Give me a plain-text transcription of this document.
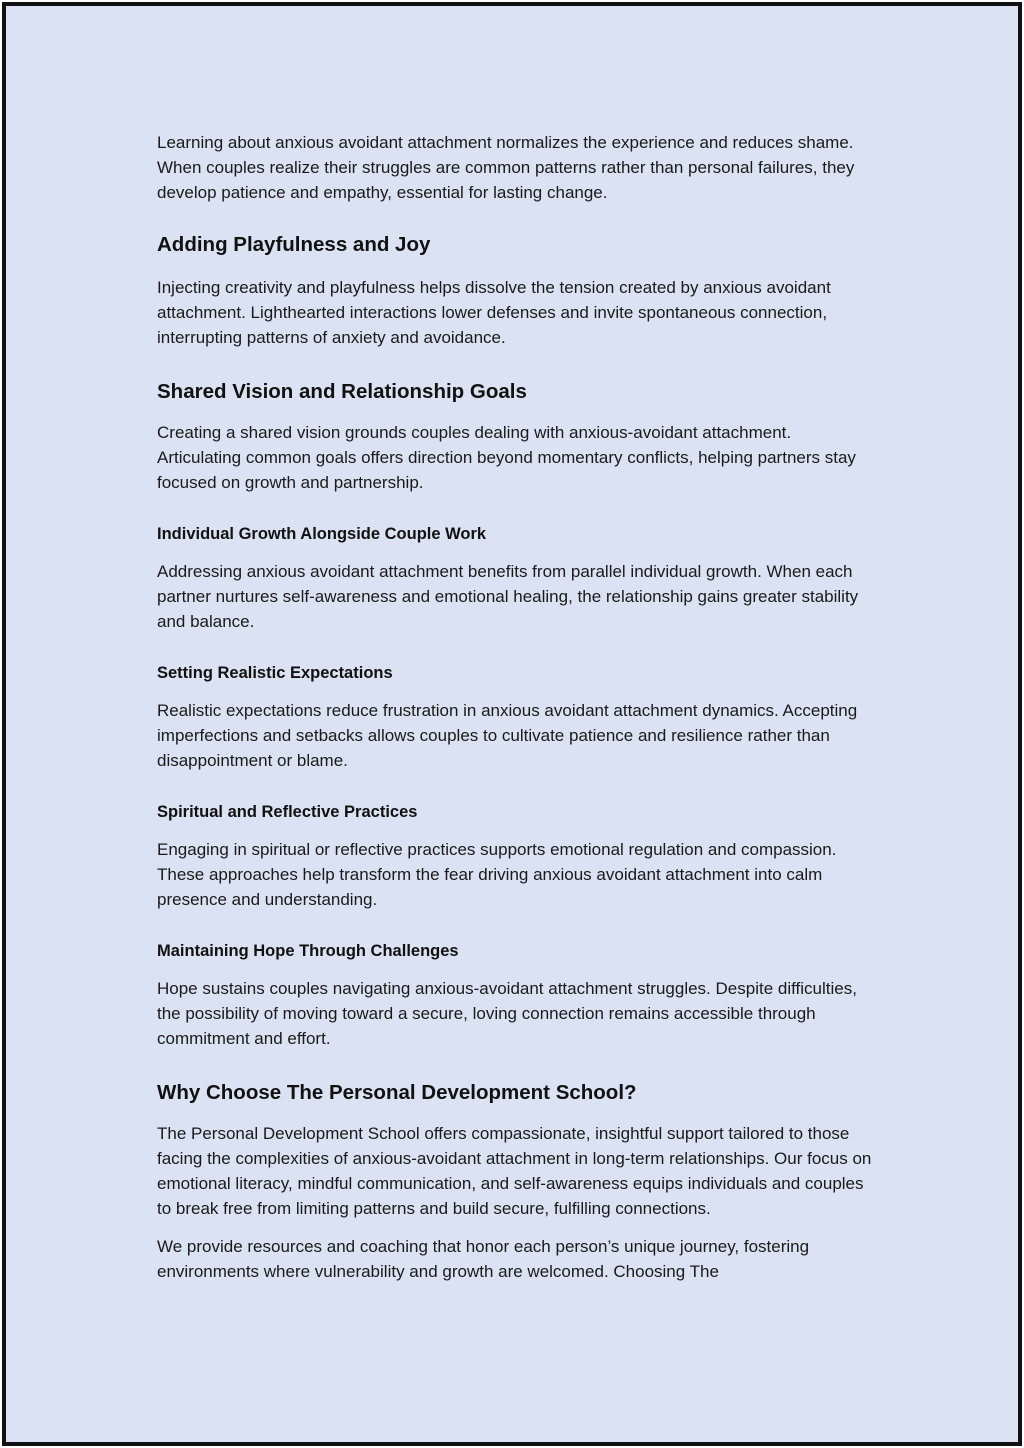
Learning about anxious avoidant attachment normalizes the experience and reduces shame. When couples realize their struggles are common patterns rather than personal failures, they develop patience and empathy, essential for lasting change.

Adding Playfulness and Joy

Injecting creativity and playfulness helps dissolve the tension created by anxious avoidant attachment. Lighthearted interactions lower defenses and invite spontaneous connection, interrupting patterns of anxiety and avoidance.

Shared Vision and Relationship Goals

Creating a shared vision grounds couples dealing with anxious-avoidant attachment. Articulating common goals offers direction beyond momentary conflicts, helping partners stay focused on growth and partnership.

Individual Growth Alongside Couple Work

Addressing anxious avoidant attachment benefits from parallel individual growth. When each partner nurtures self-awareness and emotional healing, the relationship gains greater stability and balance.

Setting Realistic Expectations

Realistic expectations reduce frustration in anxious avoidant attachment dynamics. Accepting imperfections and setbacks allows couples to cultivate patience and resilience rather than disappointment or blame.

Spiritual and Reflective Practices

Engaging in spiritual or reflective practices supports emotional regulation and compassion. These approaches help transform the fear driving anxious avoidant attachment into calm presence and understanding.

Maintaining Hope Through Challenges

Hope sustains couples navigating anxious-avoidant attachment struggles. Despite difficulties, the possibility of moving toward a secure, loving connection remains accessible through commitment and effort.

Why Choose The Personal Development School?

The Personal Development School offers compassionate, insightful support tailored to those facing the complexities of anxious-avoidant attachment in long-term relationships. Our focus on emotional literacy, mindful communication, and self-awareness equips individuals and couples to break free from limiting patterns and build secure, fulfilling connections.

We provide resources and coaching that honor each person’s unique journey, fostering environments where vulnerability and growth are welcomed. Choosing The
